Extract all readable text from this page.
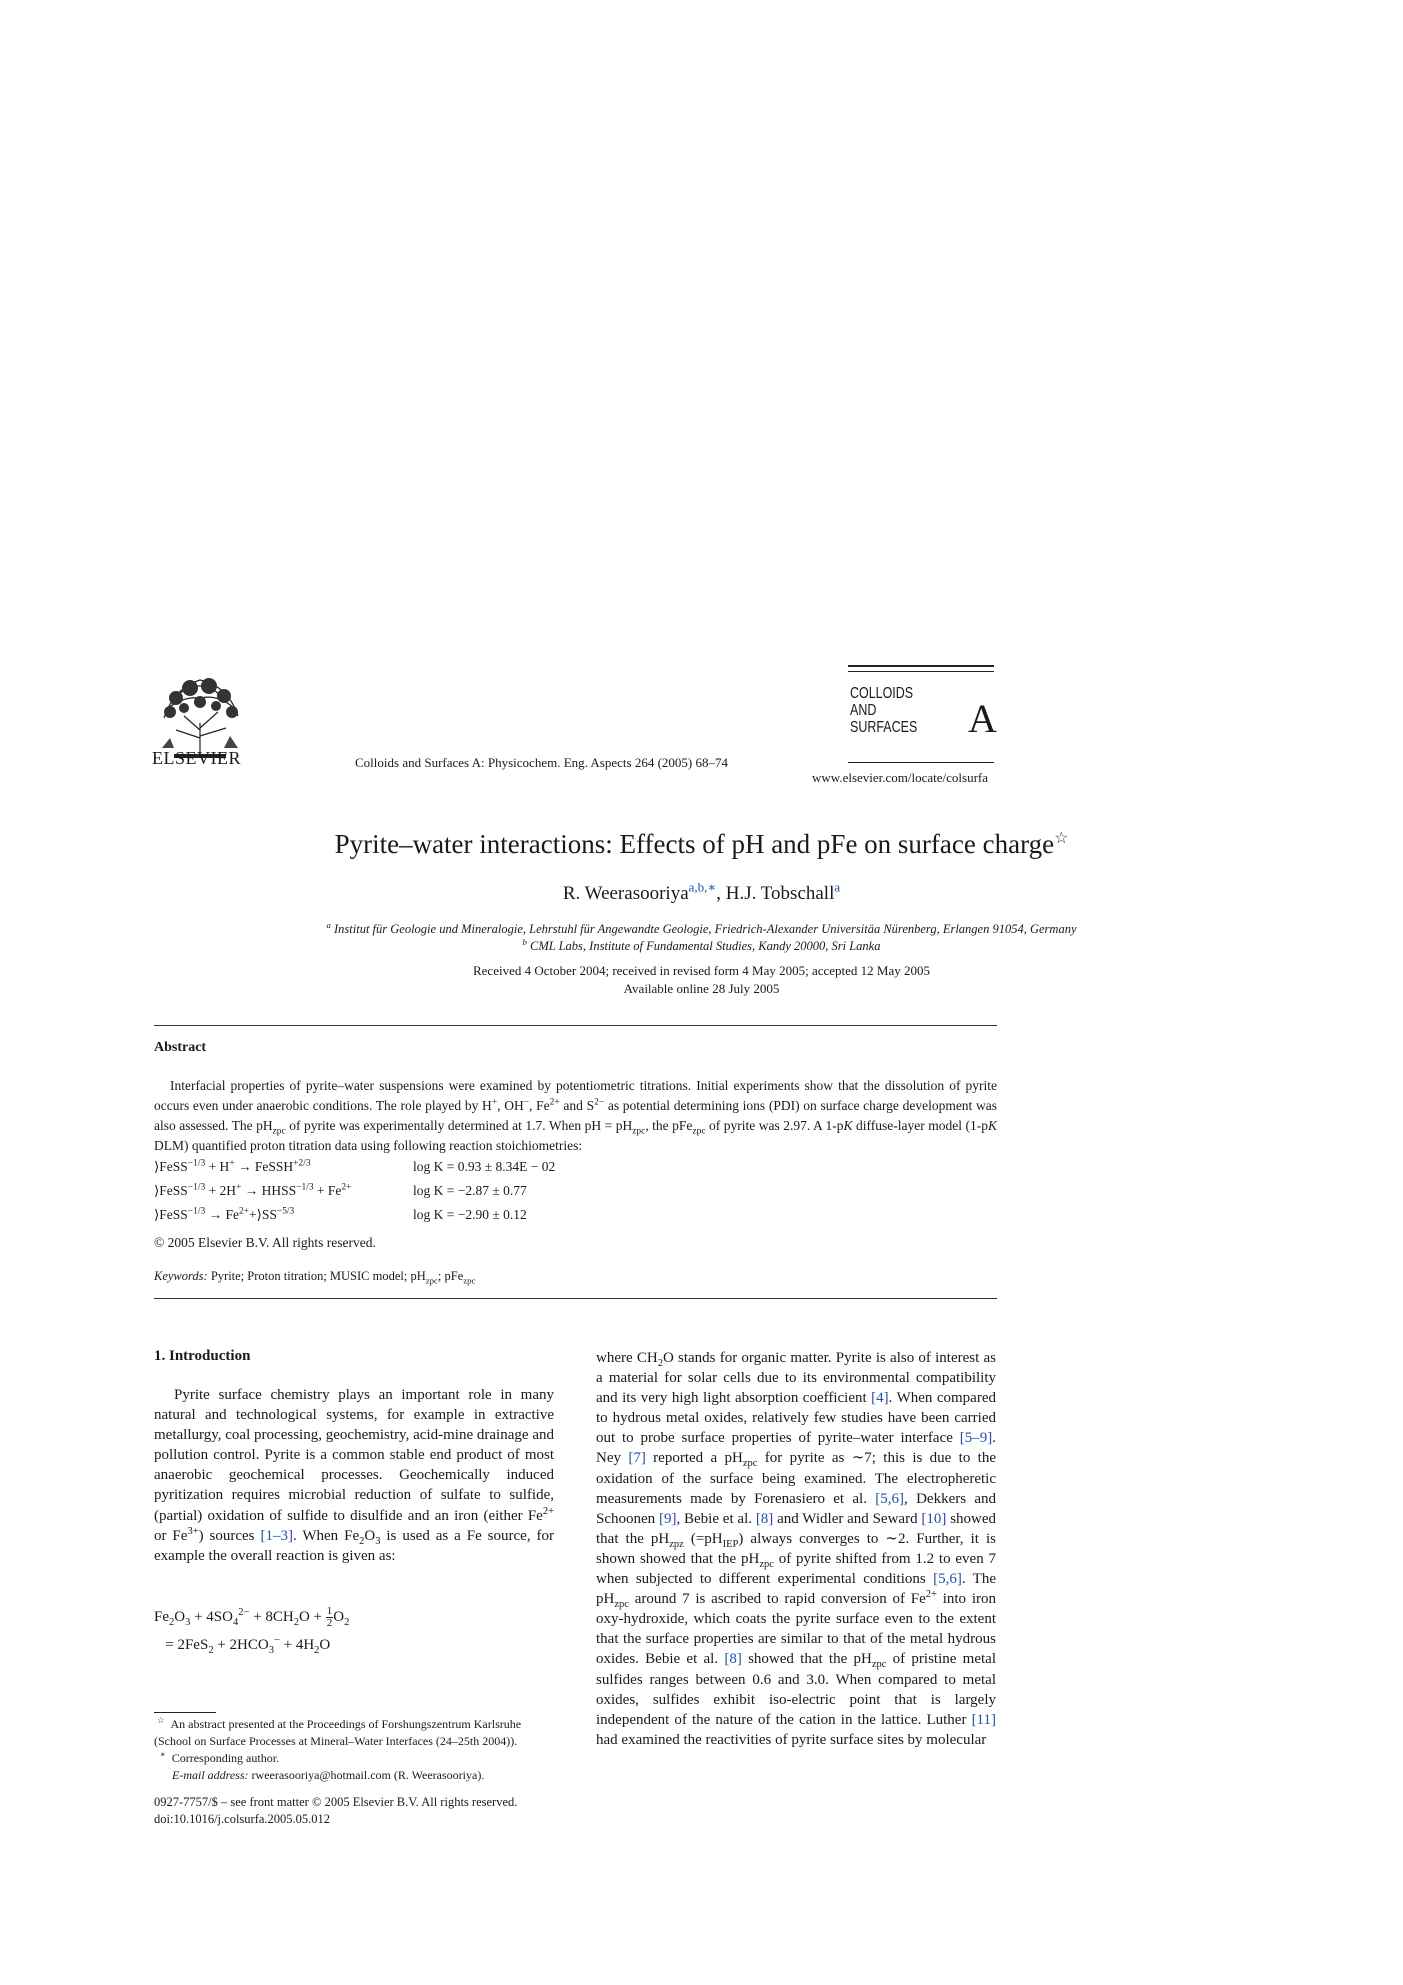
ELSEVIER	Colloids and Surfaces A: Physicochem. Eng. Aspects 264 (2005) 68–74
COLLOIDS
AND
SURFACES A
www.elsevier.com/locate/colsurfa
Pyrite–water interactions: Effects of pH and pFe on surface charge☆
R. Weerasooriya$^{a,b,∗}$, H.J. Tobschall$^a$
$^a$ Institut für Geologie und Mineralogie, Lehrstuhl für Angewandte Geologie, Friedrich-Alexander Universitäa Nürenberg, Erlangen 91054, Germany
$^b$ CML Labs, Institute of Fundamental Studies, Kandy 20000, Sri Lanka
Received 4 October 2004; received in revised form 4 May 2005; accepted 12 May 2005
Available online 28 July 2005
Abstract
Interfacial properties of pyrite–water suspensions were examined by potentiometric titrations. Initial experiments show that the dissolution of pyrite occurs even under anaerobic conditions. The role played by H+, OH−, $Fe^{2+}$ and $S^{2-}$ as potential determining ions (PDI) on surface charge development was also assessed. The $pH_{zpc}$ of pyrite was experimentally determined at 1.7. When pH = $pH_{zpc}$, the pFe$_{zpc}$ of pyrite was 2.97. A 1-pK diffuse-layer model (1-pK DLM) quantified proton titration data using following reaction stoichiometries:
⟩FeSS$^{-1/3}$ + H+ → FeSSH$^{+2/3}$	log K = 0.93 ± 8.34E − 02
⟩FeSS$^{-1/3}$ + $2H^+ \to HHSS^{-1/3} + Fe^{2+}$	log K = −2.87 ± 0.77
⟩FeSS$^{-1/3}$ → $Fe^{2+}+⟩SS^{-5/3}$	log K = −2.90 ± 0.12
© 2005 Elsevier B.V. All rights reserved.
Keywords: Pyrite; Proton titration; MUSIC model; $pH_{zpc}$; pFe$_{zpc}$
1. Introduction

Pyrite surface chemistry plays an important role in many natural and technological systems, for example in extractive metallurgy, coal processing, geochemistry, acid-mine drainage and pollution control. Pyrite is a common stable end product of most anaerobic geochemical processes. Geochemically induced pyritization requires microbial reduction of sulfate to sulfide, (partial) oxidation of sulfide to disulfide and an iron (either $Fe^{2+}$ or $Fe^{3+}$) sources [1–3]. When $Fe_2O_3$ is used as a Fe source, for example the overall reaction is given as:

$Fe_2O_3 + 4SO_4^{2-} + 8CH_2O + \frac{1}{2} O_2$
= $2FeS_2 + 2HCO_3^- + 4H_2O$

where $CH_2O$ stands for organic matter. Pyrite is also of interest as a material for solar cells due to its environmental compatibility and its very high light absorption coefficient [4]. When compared to hydrous metal oxides, relatively few studies have been carried out to probe surface properties of pyrite–water interface [5–9]. Ney [7] reported a $pH_{zpc}$ for pyrite as ∼7; this is due to the oxidation of the surface being examined. The electropheretic measurements made by Forenasiero et al. [5,6], Dekkers and Schoonen [9], Bebie et al. [8] and Widler and Seward [10] showed that the $pH_{zpz}$ $(=pH_{IEP})$ always converges to ∼2. Further, it is shown showed that the $pH_{zpc}$ of pyrite shifted from 1.2 to even 7 when subjected to different experimental conditions [5,6]. The $pH_{zpc}$ around 7 is ascribed to rapid conversion of $Fe^{2+}$ into iron oxy-hydroxide, which coats the pyrite surface even to the extent that the surface properties are similar to that of the metal hydrous oxides. Bebie et al. [8] showed that the $pH_{zpc}$ of pristine metal sulfides ranges between 0.6 and 3.0. When compared to metal oxides, sulfides exhibit iso-electric point that is largely independent of the nature of the cation in the lattice. Luther [11] had examined the reactivities of pyrite surface sites by molecular

☆ An abstract presented at the Proceedings of Forshungszentrum Karlsruhe (School on Surface Processes at Mineral–Water Interfaces (24–25th 2004)).

∗ Corresponding author.

E-mail address: rweerasooriya@hotmail.com (R. Weerasooriya).

0927-7757/$ – see front matter © 2005 Elsevier B.V. All rights reserved.
doi:10.1016/j.colsurfa.2005.05.012
